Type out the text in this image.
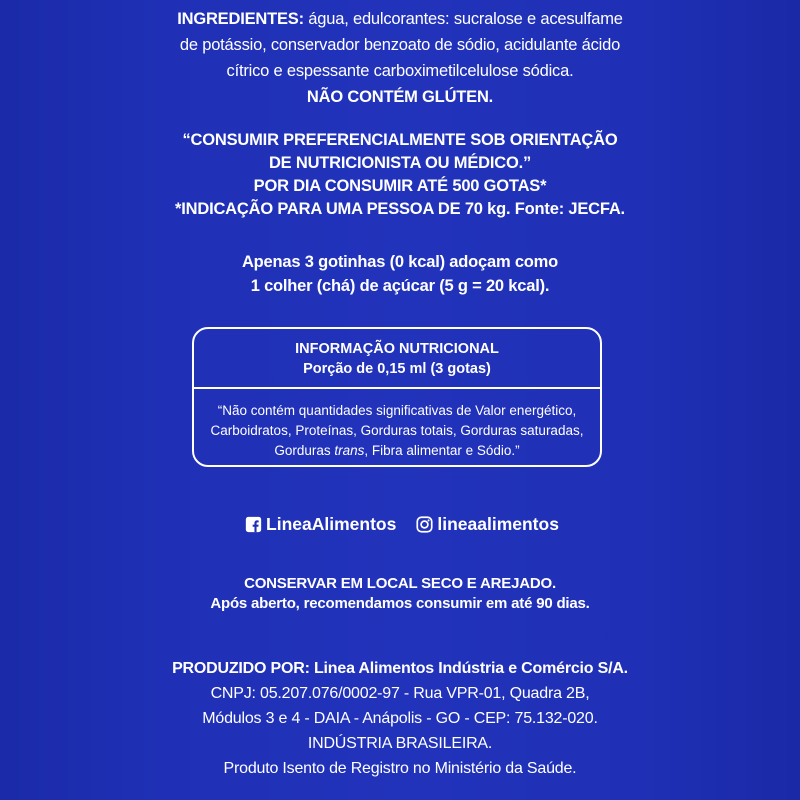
INGREDIENTES: água, edulcorantes: sucralose e acesulfame
de potássio, conservador benzoato de sódio, acidulante ácido
cítrico e espessante carboximetilcelulose sódica.
NÃO CONTÉM GLÚTEN.
“CONSUMIR PREFERENCIALMENTE SOB ORIENTAÇÃO
DE NUTRICIONISTA OU MÉDICO.”
POR DIA CONSUMIR ATÉ 500 GOTAS*
*INDICAÇÃO PARA UMA PESSOA DE 70 kg. Fonte: JECFA.
Apenas 3 gotinhas (0 kcal) adoçam como
1 colher (chá) de açúcar (5 g = 20 kcal).
INFORMAÇÃO NUTRICIONAL
Porção de 0,15 ml (3 gotas)
“Não contém quantidades significativas de Valor energético,
Carboidratos, Proteínas, Gorduras totais, Gorduras saturadas,
Gorduras trans, Fibra alimentar e Sódio.”
LineaAlimentos lineaalimentos
CONSERVAR EM LOCAL SECO E AREJADO.
Após aberto, recomendamos consumir em até 90 dias.
PRODUZIDO POR: Linea Alimentos Indústria e Comércio S/A.
CNPJ: 05.207.076/0002-97 - Rua VPR-01, Quadra 2B,
Módulos 3 e 4 - DAIA - Anápolis - GO - CEP: 75.132-020.
INDÚSTRIA BRASILEIRA.
Produto Isento de Registro no Ministério da Saúde.
